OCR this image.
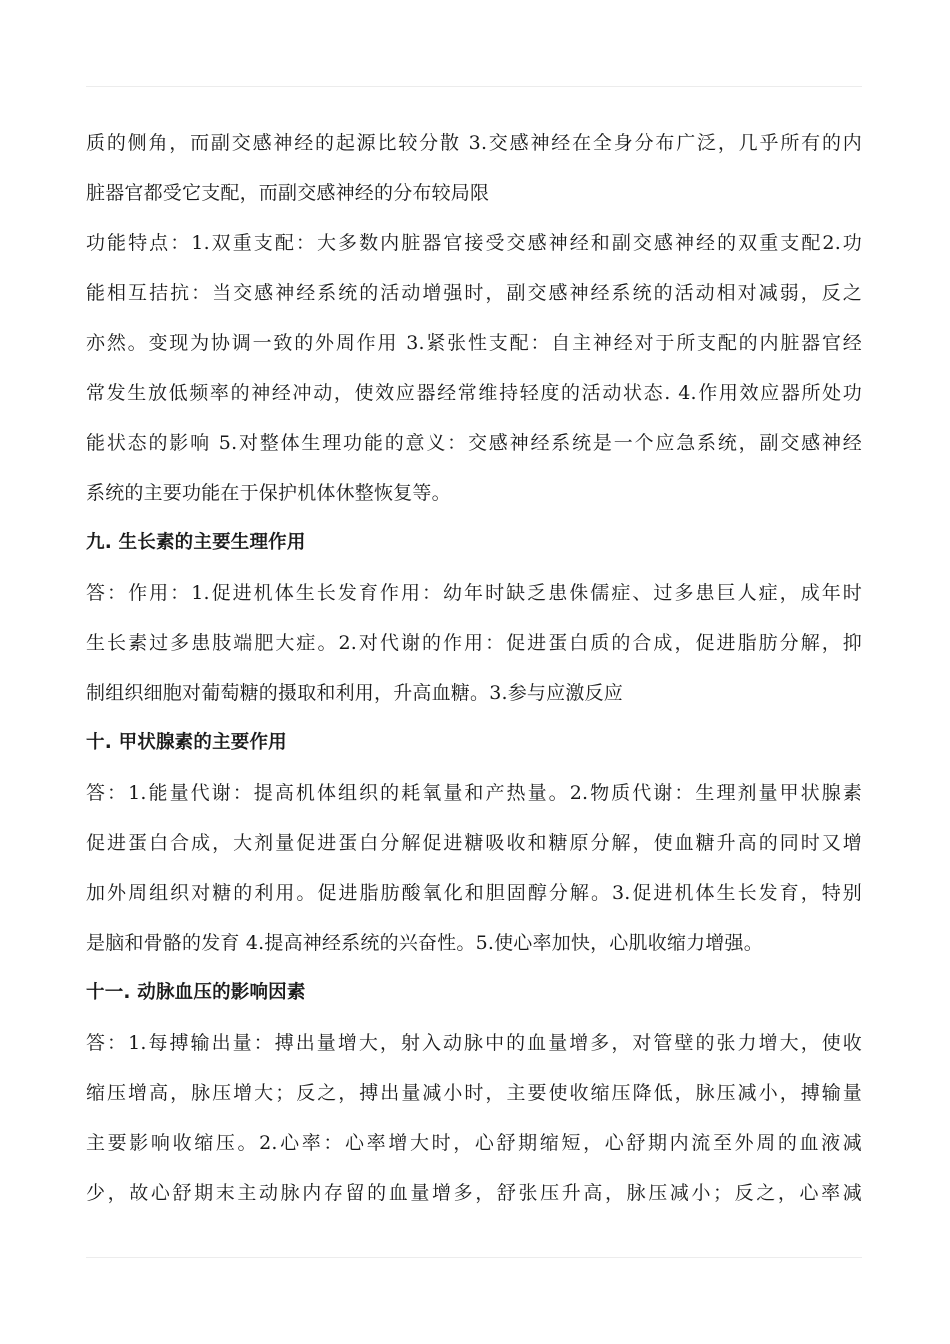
质的侧角，而副交感神经的起源比较分散 3.交感神经在全身分布广泛，几乎所有的内
脏器官都受它支配，而副交感神经的分布较局限
功能特点：1.双重支配：大多数内脏器官接受交感神经和副交感神经的双重支配2.功
能相互拮抗：当交感神经系统的活动增强时，副交感神经系统的活动相对减弱，反之
亦然。变现为协调一致的外周作用 3.紧张性支配：自主神经对于所支配的内脏器官经
常发生放低频率的神经冲动，使效应器经常维持轻度的活动状态. 4.作用效应器所处功
能状态的影响 5.对整体生理功能的意义：交感神经系统是一个应急系统，副交感神经
系统的主要功能在于保护机体休整恢复等。
九. 生长素的主要生理作用
答：作用：1.促进机体生长发育作用：幼年时缺乏患侏儒症、过多患巨人症，成年时
生长素过多患肢端肥大症。2.对代谢的作用：促进蛋白质的合成，促进脂肪分解，抑
制组织细胞对葡萄糖的摄取和利用，升高血糖。3.参与应激反应
十. 甲状腺素的主要作用
答：1.能量代谢：提高机体组织的耗氧量和产热量。2.物质代谢：生理剂量甲状腺素
促进蛋白合成，大剂量促进蛋白分解促进糖吸收和糖原分解，使血糖升高的同时又增
加外周组织对糖的利用。促进脂肪酸氧化和胆固醇分解。3.促进机体生长发育，特别
是脑和骨骼的发育 4.提高神经系统的兴奋性。5.使心率加快，心肌收缩力增强。
十一. 动脉血压的影响因素
答：1.每搏输出量：搏出量增大，射入动脉中的血量增多，对管壁的张力增大，使收
缩压增高，脉压增大；反之，搏出量减小时，主要使收缩压降低，脉压减小，搏输量
主要影响收缩压。2.心率：心率增大时，心舒期缩短，心舒期内流至外周的血液减
少，故心舒期末主动脉内存留的血量增多，舒张压升高，脉压减小；反之，心率减
